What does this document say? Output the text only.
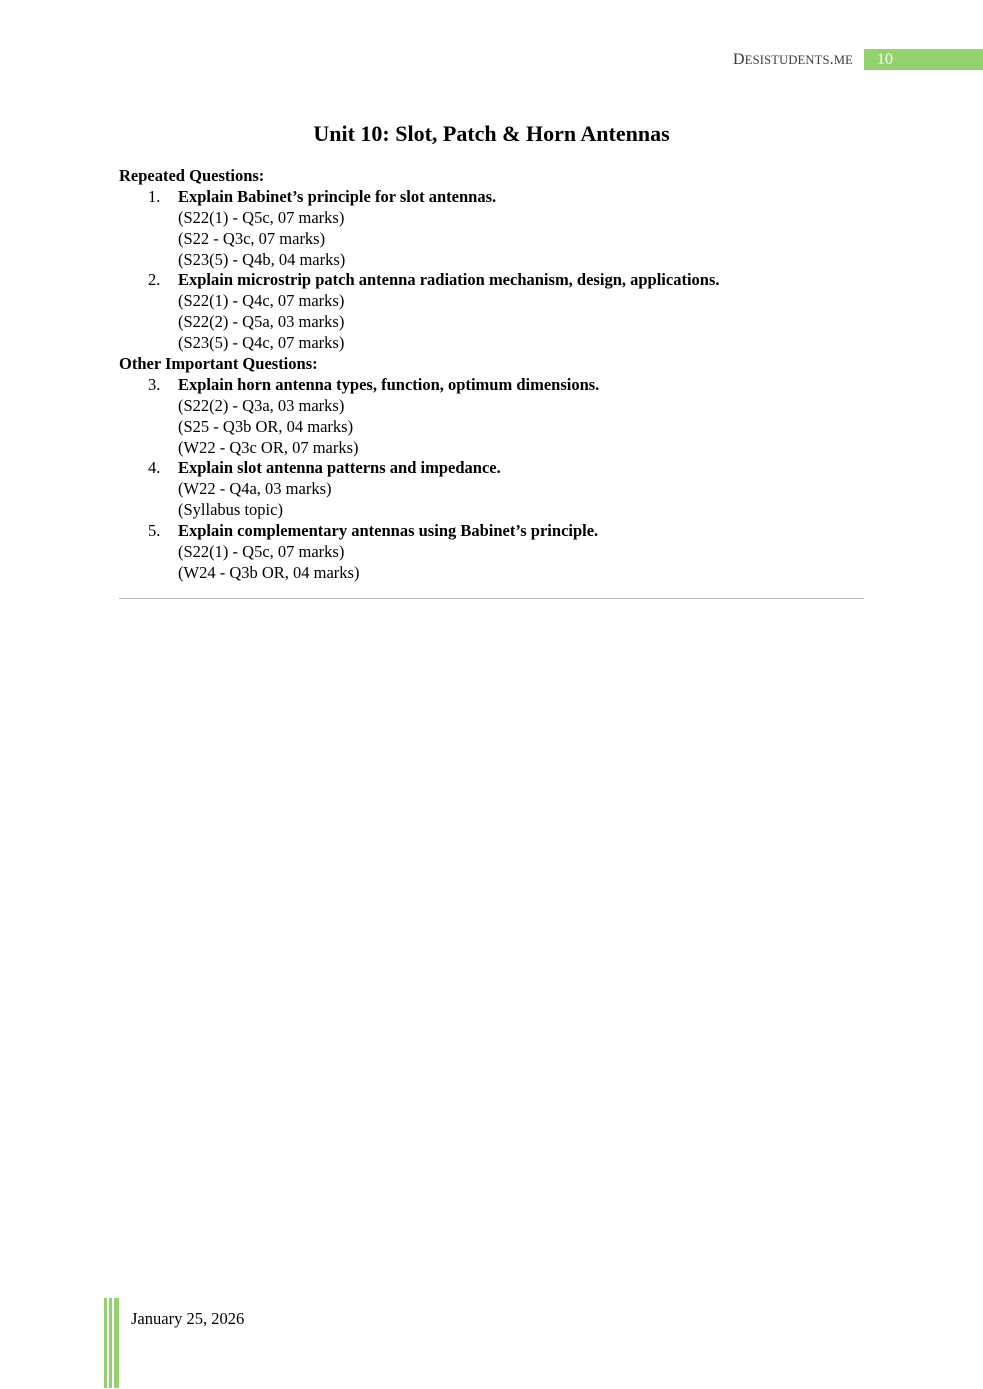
DESISTUDENTS.ME 10
Unit 10: Slot, Patch & Horn Antennas
Repeated Questions:
1. Explain Babinet’s principle for slot antennas.
(S22(1) - Q5c, 07 marks)
(S22 - Q3c, 07 marks)
(S23(5) - Q4b, 04 marks)
2. Explain microstrip patch antenna radiation mechanism, design, applications.
(S22(1) - Q4c, 07 marks)
(S22(2) - Q5a, 03 marks)
(S23(5) - Q4c, 07 marks)
Other Important Questions:
3. Explain horn antenna types, function, optimum dimensions.
(S22(2) - Q3a, 03 marks)
(S25 - Q3b OR, 04 marks)
(W22 - Q3c OR, 07 marks)
4. Explain slot antenna patterns and impedance.
(W22 - Q4a, 03 marks)
(Syllabus topic)
5. Explain complementary antennas using Babinet’s principle.
(S22(1) - Q5c, 07 marks)
(W24 - Q3b OR, 04 marks)
January 25, 2026
